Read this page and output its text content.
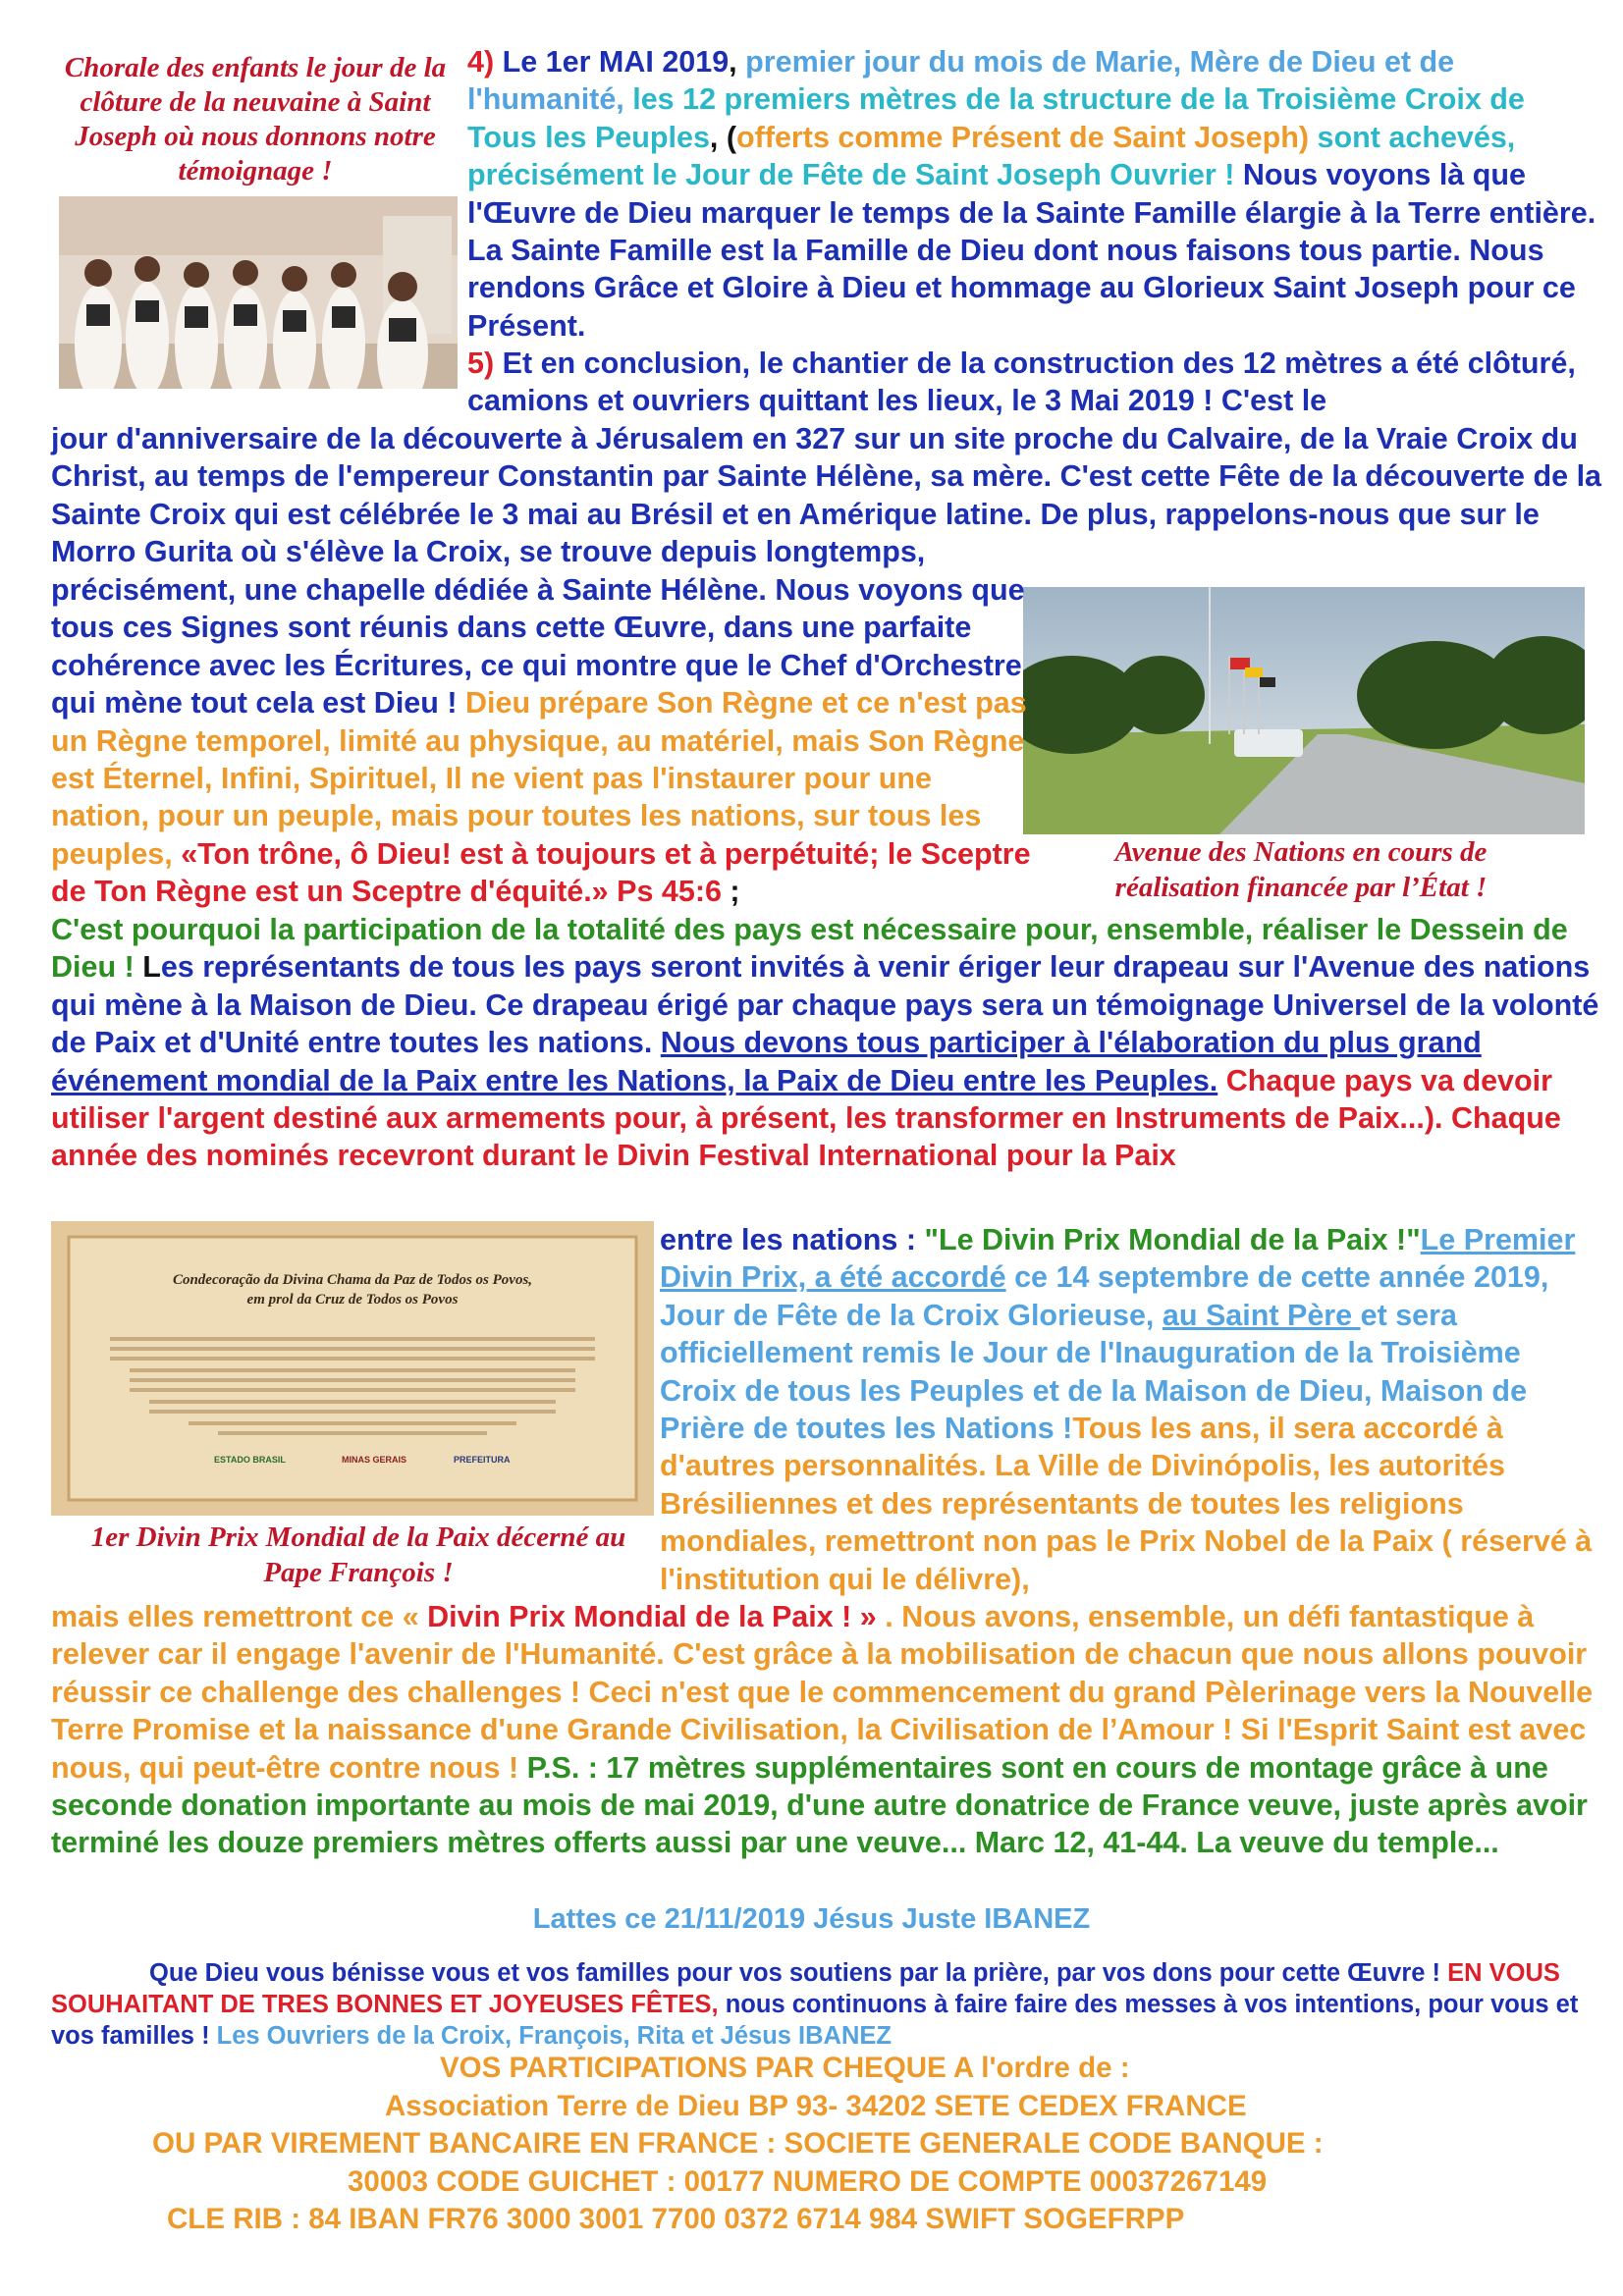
Chorale des enfants le jour de la clôture de la neuvaine à Saint Joseph où nous donnons notre témoignage !
4) Le 1er MAI 2019, premier jour du mois de Marie, Mère de Dieu et de l'humanité, les 12 premiers mètres de la structure de la Troisième Croix de Tous les Peuples, (offerts comme Présent de Saint Joseph) sont achevés, précisément le Jour de Fête de Saint Joseph Ouvrier ! Nous voyons là que l'Œuvre de Dieu marquer le temps de la Sainte Famille élargie à la Terre entière. La Sainte Famille est la Famille de Dieu dont nous faisons tous partie. Nous rendons Grâce et Gloire à Dieu et hommage au Glorieux Saint Joseph pour ce Présent.
5) Et en conclusion, le chantier de la construction des 12 mètres a été clôturé, camions et ouvriers quittant les lieux, le 3 Mai 2019 ! C'est le
jour d'anniversaire de la découverte à Jérusalem en 327 sur un site proche du Calvaire, de la Vraie Croix du Christ, au temps de l'empereur Constantin par Sainte Hélène, sa mère. C'est cette Fête de la découverte de la Sainte Croix qui est célébrée le 3 mai au Brésil et en Amérique latine. De plus, rappelons-nous que sur le Morro Gurita où s'élève la Croix, se trouve depuis longtemps,
Avenue des Nations en cours de réalisation financée par l’État !
précisément, une chapelle dédiée à Sainte Hélène. Nous voyons que tous ces Signes sont réunis dans cette Œuvre, dans une parfaite cohérence avec les Écritures, ce qui montre que le Chef d'Orchestre qui mène tout cela est Dieu ! Dieu prépare Son Règne et ce n'est pas un Règne temporel, limité au physique, au matériel, mais Son Règne est Éternel, Infini, Spirituel, Il ne vient pas l'instaurer pour une nation, pour un peuple, mais pour toutes les nations, sur tous les peuples, «Ton trône, ô Dieu! est à toujours et à perpétuité; le Sceptre de Ton Règne est un Sceptre d'équité.» Ps 45:6 ;
C'est pourquoi la participation de la totalité des pays est nécessaire pour, ensemble, réaliser le Dessein de Dieu ! Les représentants de tous les pays seront invités à venir ériger leur drapeau sur l'Avenue des nations qui mène à la Maison de Dieu. Ce drapeau érigé par chaque pays sera un témoignage Universel de la volonté de Paix et d'Unité entre toutes les nations. Nous devons tous participer à l'élaboration du plus grand événement mondial de la Paix entre les Nations, la Paix de Dieu entre les Peuples. Chaque pays va devoir utiliser l'argent destiné aux armements pour, à présent, les transformer en Instruments de Paix...). Chaque année des nominés recevront durant le Divin Festival International pour la Paix
Condecoração da Divina Chama da Paz de Todos os Povos,
em prol da Cruz de Todos os Povos
ESTADO BRASIL	MINAS GERAIS	PREFEITURA
1er Divin Prix Mondial de la Paix décerné au Pape François !
entre les nations : "Le Divin Prix Mondial de la Paix !"Le Premier Divin Prix, a été accordé ce 14 septembre de cette année 2019, Jour de Fête de la Croix Glorieuse, au Saint Père et sera officiellement remis le Jour de l'Inauguration de la Troisième Croix de tous les Peuples et de la Maison de Dieu, Maison de Prière de toutes les Nations !Tous les ans, il sera accordé à d'autres personnalités. La Ville de Divinópolis, les autorités Brésiliennes et des représentants de toutes les religions mondiales, remettront non pas le Prix Nobel de la Paix ( réservé à l'institution qui le délivre),
mais elles remettront ce « Divin Prix Mondial de la Paix ! » . Nous avons, ensemble, un défi fantastique à relever car il engage l'avenir de l'Humanité. C'est grâce à la mobilisation de chacun que nous allons pouvoir réussir ce challenge des challenges ! Ceci n'est que le commencement du grand Pèlerinage vers la Nouvelle Terre Promise et la naissance d'une Grande Civilisation, la Civilisation de l’Amour ! Si l'Esprit Saint est avec nous, qui peut-être contre nous ! P.S. : 17 mètres supplémentaires sont en cours de montage grâce à une seconde donation importante au mois de mai 2019, d'une autre donatrice de France veuve, juste après avoir terminé les douze premiers mètres offerts aussi par une veuve... Marc 12, 41-44. La veuve du temple...
Lattes ce 21/11/2019 Jésus Juste IBANEZ
Que Dieu vous bénisse vous et vos familles pour vos soutiens par la prière, par vos dons pour cette Œuvre ! EN VOUS SOUHAITANT DE TRES BONNES ET JOYEUSES FÊTES, nous continuons à faire faire des messes à vos intentions, pour vous et vos familles ! Les Ouvriers de la Croix, François, Rita et Jésus IBANEZ
VOS PARTICIPATIONS PAR CHEQUE A l'ordre de :
Association Terre de Dieu BP 93- 34202 SETE CEDEX FRANCE
OU PAR VIREMENT BANCAIRE EN FRANCE : SOCIETE GENERALE CODE BANQUE :
30003 CODE GUICHET : 00177 NUMERO DE COMPTE 00037267149
CLE RIB : 84 IBAN FR76 3000 3001 7700 0372 6714 984 SWIFT SOGEFRPP
